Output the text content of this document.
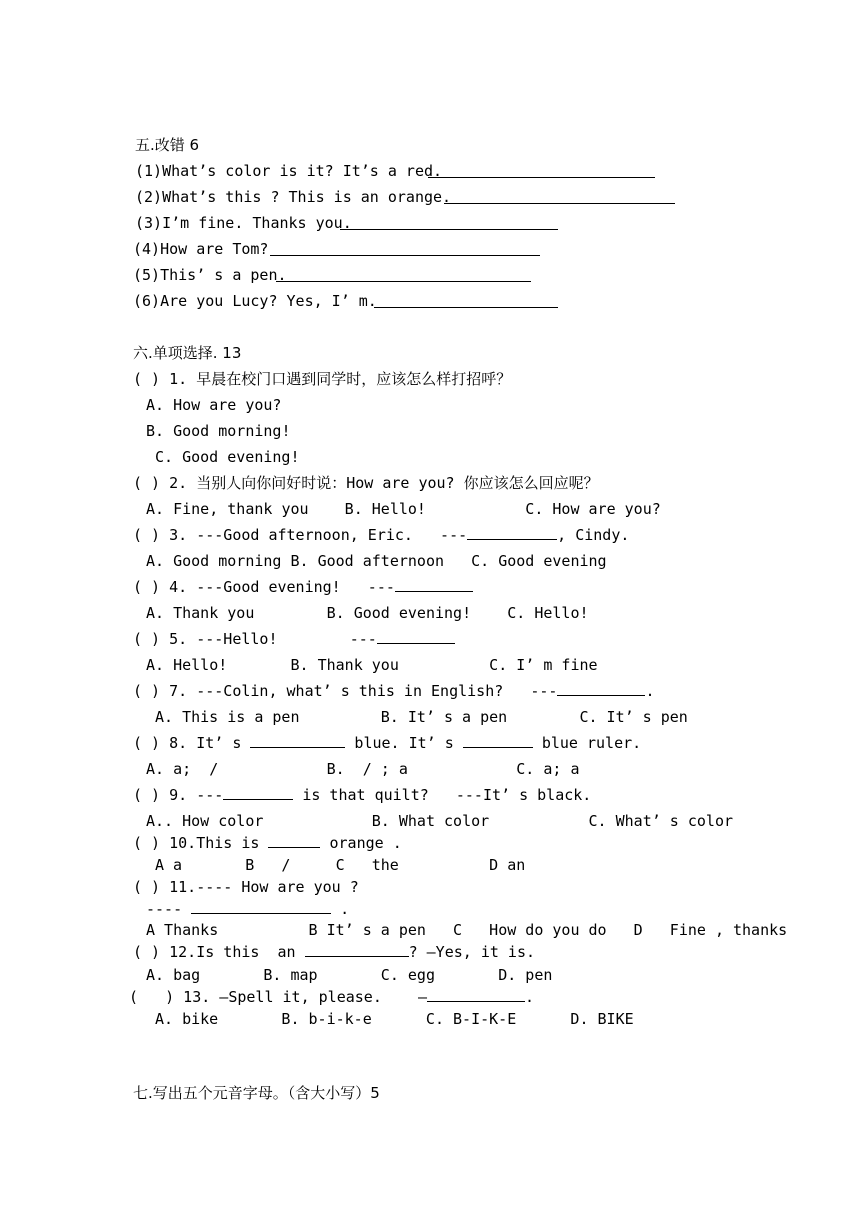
五.改错 6
(1)What’s color is it? It’s a red.
(2)What’s this ? This is an orange.
(3)I’m fine. Thanks you.
(4)How are Tom?
(5)This’ s a pen.
(6)Are you Lucy? Yes, I’ m.
六.单项选择. 13
( ) 1. 早晨在校门口遇到同学时，应该怎么样打招呼？
A. How are you?
B. Good morning!
C. Good evening!
( ) 2. 当别人向你问好时说：How are you? 你应该怎么回应呢？
A. Fine, thank you    B. Hello!           C. How are you?
( ) 3. ---Good afternoon, Eric.   ---	, Cindy.
A. Good morning B. Good afternoon   C. Good evening
( ) 4. ---Good evening!   ---
A. Thank you        B. Good evening!    C. Hello!
( ) 5. ---Hello!        ---
A. Hello!       B. Thank you          C. I’ m fine
( ) 7. ---Colin, what’ s this in English?   ---	.
A. This is a pen         B. It’ s a pen        C. It’ s pen
( ) 8. It’ s	blue. It’ s	blue ruler.
A. a;  /            B.  / ; a            C. a; a
( ) 9. ---	is that quilt?   ---It’ s black.
A.. How color            B. What color           C. What’ s color
( ) 10.This is	orange .
A a       B   /     C   the          D an
( ) 11.---- How are you ?
----	.
A Thanks          B It’ s a pen   C   How do you do   D   Fine , thanks
( ) 12.Is this  an	? —Yes, it is.
A. bag       B. map       C. egg       D. pen
(   ) 13. —Spell it, please.    —	.
A. bike       B. b-i-k-e      C. B-I-K-E      D. BIKE
七.写出五个元音字母。（含大小写）5
